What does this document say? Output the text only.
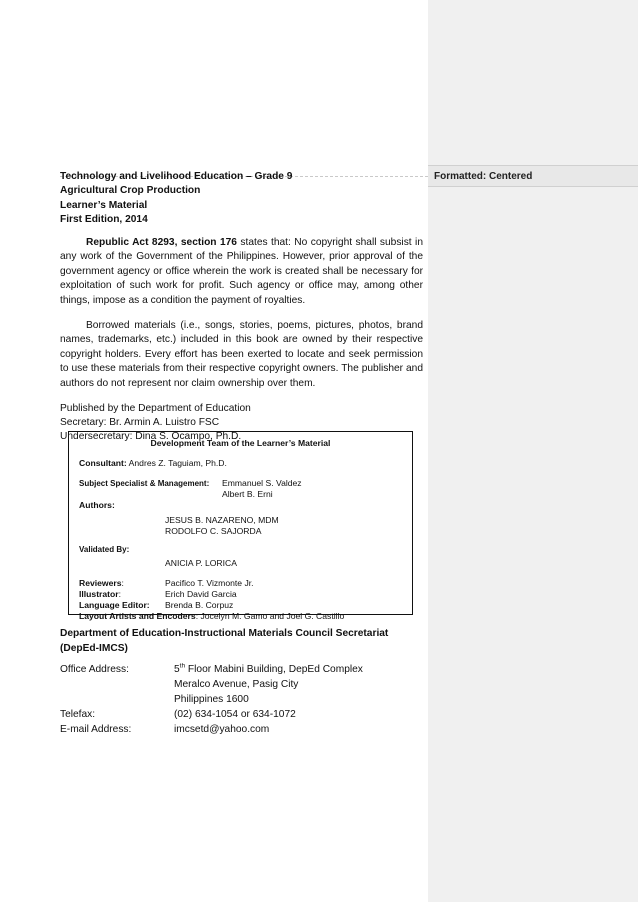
Formatted: Centered
Technology and Livelihood Education – Grade 9
Agricultural Crop Production
Learner’s Material
First Edition, 2014

Republic Act 8293, section 176 states that: No copyright shall subsist in any work of the Government of the Philippines. However, prior approval of the government agency or office wherein the work is created shall be necessary for exploitation of such work for profit. Such agency or office may, among other things, impose as a condition the payment of royalties.

Borrowed materials (i.e., songs, stories, poems, pictures, photos, brand names, trademarks, etc.) included in this book are owned by their respective copyright holders. Every effort has been exerted to locate and seek permission to use these materials from their respective copyright owners. The publisher and authors do not represent nor claim ownership over them.

Published by the Department of Education
Secretary: Br. Armin A. Luistro FSC
Undersecretary: Dina S. Ocampo, Ph.D.
Development Team of the Learner’s Material
Consultant: Andres Z. Taguiam, Ph.D.
Subject Specialist & Management:	Emmanuel S. Valdez
Albert B. Erni
Authors:
JESUS B. NAZARENO, MDM
RODOLFO C. SAJORDA
Validated By:
ANICIA P. LORICA
Reviewers:	Pacifico T. Vizmonte Jr.
Illustrator:	Erich David Garcia
Language Editor:	Brenda B. Corpuz
Layout Artists and Encoders: Jocelyn M. Gamo and Joel G. Castillo
Department of Education-Instructional Materials Council Secretariat
(DepEd-IMCS)
Office Address:	5th Floor Mabini Building, DepEd Complex
Meralco Avenue, Pasig City
Philippines 1600
Telefax:	(02) 634-1054 or 634-1072
E-mail Address:	imcsetd@yahoo.com
